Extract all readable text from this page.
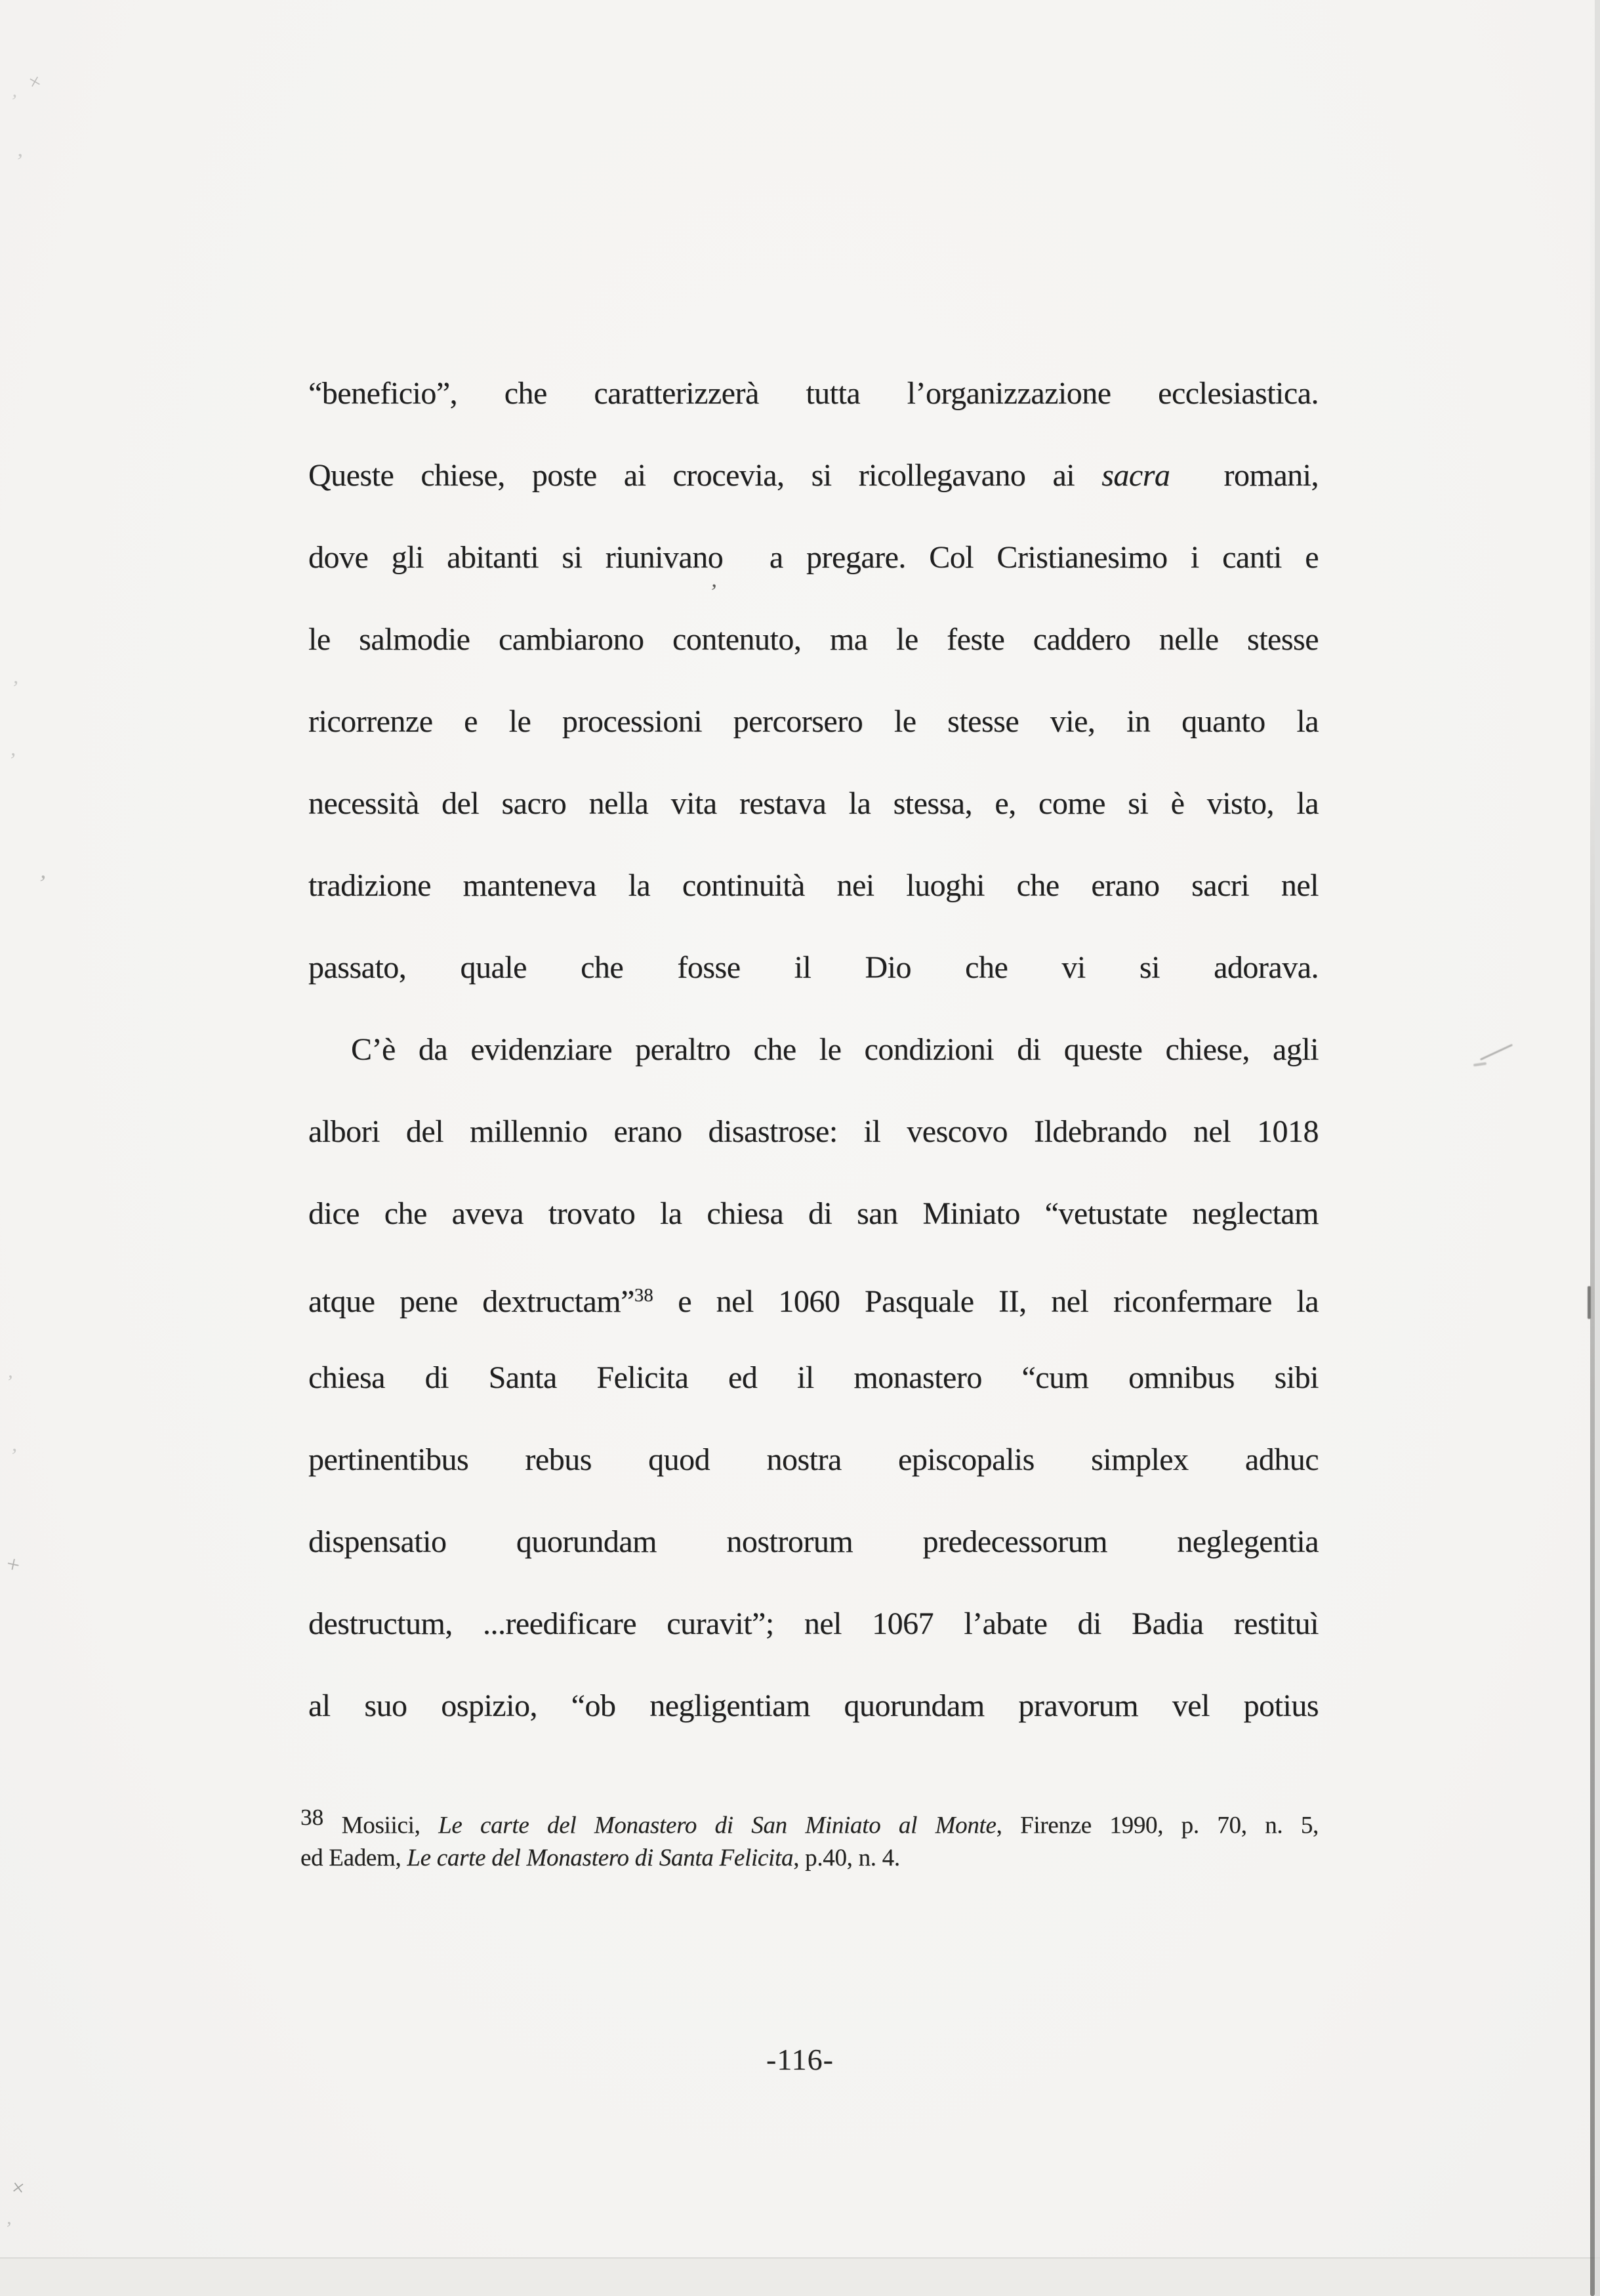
“beneficio”, che caratterizzerà tutta l’organizzazione ecclesiastica.
Queste chiese, poste ai crocevia, si ricollegavano ai sacra  romani,
dove gli abitanti si riunivano  a pregare. Col Cristianesimo i canti e
le salmodie cambiarono contenuto, ma le feste caddero nelle stesse
ricorrenze e le processioni percorsero le stesse vie, in quanto la
necessità del sacro nella vita restava la stessa, e, come si è visto, la
tradizione manteneva la continuità nei luoghi che erano sacri nel
passato, quale che fosse il Dio che vi si adorava.
C’è da evidenziare peraltro che le condizioni di queste chiese, agli
albori del millennio erano disastrose: il vescovo Ildebrando nel 1018
dice che aveva trovato la chiesa di san Miniato “vetustate neglectam
atque pene dextructam”$^{38}$ e nel 1060 Pasquale II, nel riconfermare la
chiesa di Santa Felicita ed il monastero “cum omnibus sibi
pertinentibus rebus quod nostra episcopalis simplex adhuc
dispensatio quorundam nostrorum predecessorum neglegentia
destructum, ...reedificare curavit”; nel 1067 l’abate di Badia restituì
al suo ospizio, “ob negligentiam quorundam pravorum vel potius
38 Mosiici, Le carte del Monastero di San Miniato al Monte, Firenze 1990, p. 70, n. 5,
ed Eadem, Le carte del Monastero di Santa Felicita, p.40, n. 4.
-116-
×
’
’
’
’
’
’
’
+
×
’
’
